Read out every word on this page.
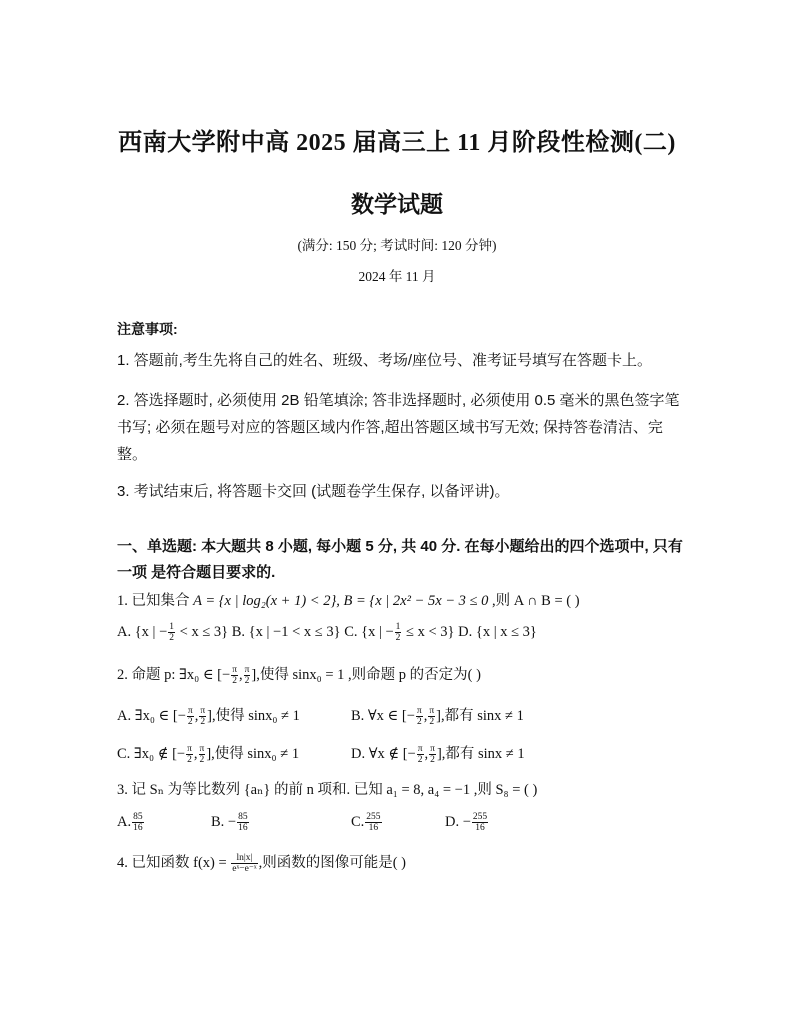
西南大学附中高 2025 届高三上 11 月阶段性检测(二)
数学试题
(满分: 150 分; 考试时间: 120 分钟)
2024 年 11 月
注意事项:
1. 答题前,考生先将自己的姓名、班级、考场/座位号、准考证号填写在答题卡上。
2. 答选择题时, 必须使用 2B 铅笔填涂; 答非选择题时, 必须使用 0.5 毫米的黑色签字笔书写; 必须在题号对应的答题区域内作答,超出答题区域书写无效; 保持答卷清洁、完整。
3. 考试结束后, 将答题卡交回 (试题卷学生保存, 以备评讲)。
一、单选题: 本大题共 8 小题, 每小题 5 分, 共 40 分. 在每小题给出的四个选项中, 只有一项 是符合题目要求的.
1. 已知集合 A = {x | log₂(x + 1) < 2}, B = {x | 2x² − 5x − 3 ≤ 0 ,则 A ∩ B = ( )
A. {x | − $\frac{1}{2} < x \le 3$} B. {x | −1 < x ≤ 3} C. {x | − $\frac{1}{2} \le x < 3$} D. {x | x ≤ 3}
2. 命题 p: ∃x₀ ∈ [− $\frac{\pi}{2}$ , $\frac{\pi}{2}$ ],使得 sinx₀ = 1 ,则命题 p 的否定为( )
A. ∃x₀ ∈ [− $\frac{\pi}{2}$ , $\frac{\pi}{2}$ ],使得 sinx₀ ≠ 1	B. ∀x ∈ [− $\frac{\pi}{2}$ , $\frac{\pi}{2}$ ],都有 sinx ≠ 1
C. ∃x₀ ∉ [− $\frac{\pi}{2}$ , $\frac{\pi}{2}$ ],使得 sinx₀ ≠ 1	D. ∀x ∉ [− $\frac{\pi}{2}$ , $\frac{\pi}{2}$ ],都有 sinx ≠ 1
3. 记 Sₙ 为等比数列 {aₙ} 的前 n 项和. 已知 a₁ = 8, a₄ = −1 ,则 S₈ = ( )
A. $\frac{85}{16}$	B. − $\frac{85}{16}$	C. $\frac{255}{16}$	D. − $\frac{255}{16}$
4. 已知函数 $f(x) = \frac{\ln|x|}{\text{eˣ−e⁻ˣ}}$ ,则函数的图像可能是( )
